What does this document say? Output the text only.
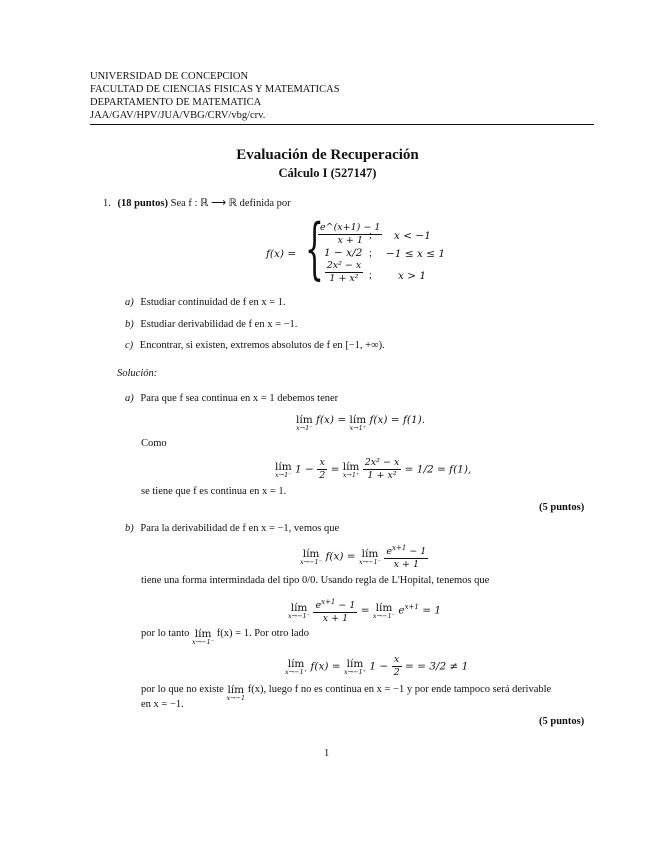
UNIVERSIDAD DE CONCEPCION
FACULTAD DE CIENCIAS FISICAS Y MATEMATICAS
DEPARTAMENTO DE MATEMATICA
JAA/GAV/HPV/JUA/VBG/CRV/vbg/crv.
Evaluación de Recuperación
Cálculo I (527147)
1. (18 puntos) Sea f : ℝ ⟶ ℝ definida por
f(x) = {
$\frac{e\^{}(x+1) - 1}{x + 1}$
; x < −1
1 − x/2 ; −1 ≤ x ≤ 1
$\frac{\text{2x² − x}}{\text{1 + x²}}$ ; x > 1
a) Estudiar continuidad de f en x = 1.
b) Estudiar derivabilidad de f en x = −1.
c) Encontrar, si existen, extremos absolutos de f en [−1, +∞).
Solución:
a) Para que f sea continua en x = 1 debemos tener
lím
x→1⁻
f(x) = lím
x→1⁺
f(x) = f(1).
Como
lím
x→1⁻ $1 - \frac{x}{2}$ = lím
x→1⁺
$\frac{\text{2x² − x}}{\text{1 + x²}} = 1/2 = f(1)$,
se tiene que f es continua en x = 1.
(5 puntos)
b) Para la derivabilidad de f en x = −1, vemos que
lím
x→−1⁻ f(x) = lím
x→−1⁻
$\frac{e^{x+1} - 1}{x + 1}$
tiene una forma intermindada del tipo 0/0. Usando regla de L'Hopital, tenemos que
lím
x→−1⁻
$\frac{e^{x+1} - 1}{x + 1}$ = lím
x→−1⁻ $e^{x+1} = 1$
por lo tanto lím
x→−1⁻
f(x) = 1. Por otro lado
lím
x→−1⁺ f(x) = lím
x→−1⁺ $1 - \frac{x}{2}$ = = 3/2 ≠ 1
por lo que no existe lím
x→−1
f(x), luego f no es continua en x = −1 y por ende tampoco será derivable
en x = −1.
(5 puntos)
1
